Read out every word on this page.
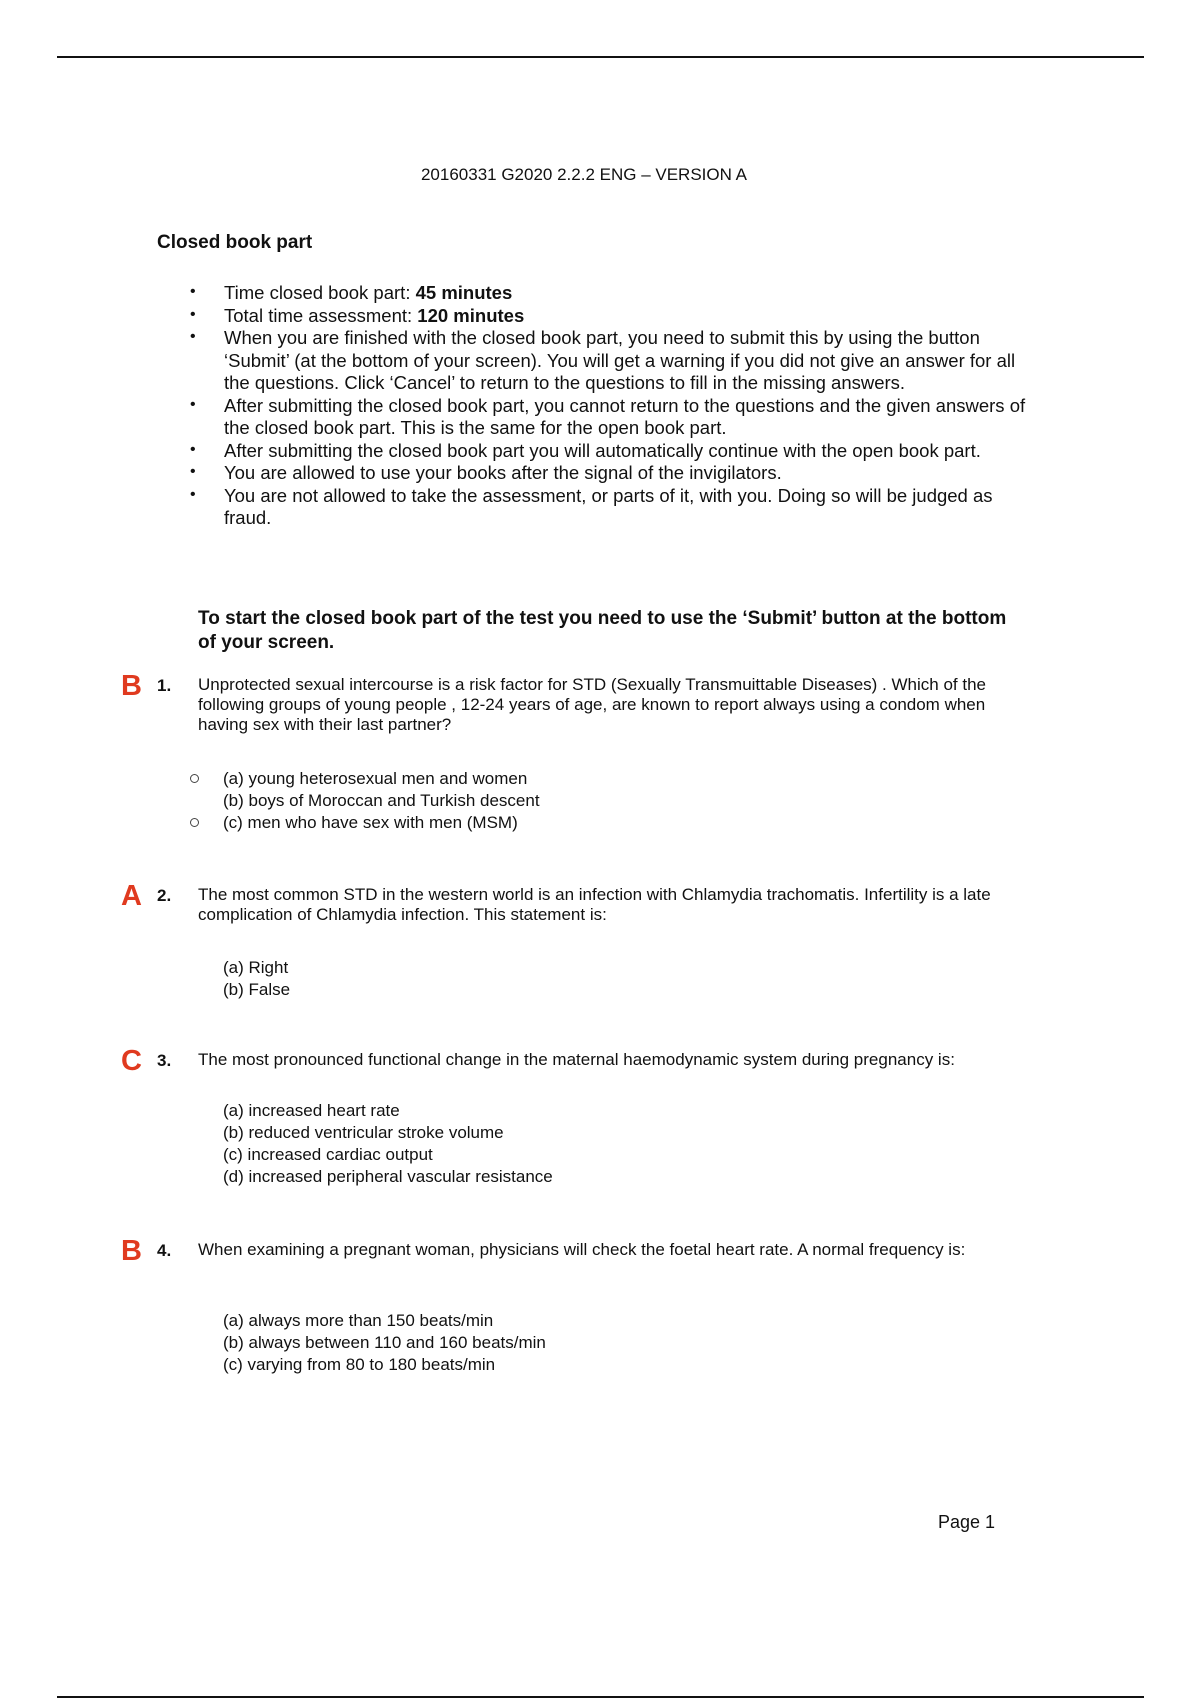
20160331 G2020 2.2.2 ENG – VERSION A
Closed book part
• Time closed book part: 45 minutes
• Total time assessment: 120 minutes
• When you are finished with the closed book part, you need to submit this by using the button ‘Submit’ (at the bottom of your screen). You will get a warning if you did not give an answer for all the questions. Click ‘Cancel’ to return to the questions to fill in the missing answers.
• After submitting the closed book part, you cannot return to the questions and the given answers of the closed book part. This is the same for the open book part.
• After submitting the closed book part you will automatically continue with the open book part.
• You are allowed to use your books after the signal of the invigilators.
• You are not allowed to take the assessment, or parts of it, with you. Doing so will be judged as fraud.
To start the closed book part of the test you need to use the ‘Submit’ button at the bottom of your screen.
B 1. Unprotected sexual intercourse is a risk factor for STD (Sexually Transmuittable Diseases) . Which of the following groups of young people , 12-24 years of age, are known to report always using a condom when having sex with their last partner?
(a) young heterosexual men and women
(b) boys of Moroccan and Turkish descent
(c) men who have sex with men (MSM)
A 2. The most common STD in the western world is an infection with Chlamydia trachomatis. Infertility is a late complication of Chlamydia infection. This statement is:
(a) Right
(b) False
C 3. The most pronounced functional change in the maternal haemodynamic system during pregnancy is:
(a) increased heart rate
(b) reduced ventricular stroke volume
(c) increased cardiac output
(d) increased peripheral vascular resistance
B 4. When examining a pregnant woman, physicians will check the foetal heart rate. A normal frequency is:
(a) always more than 150 beats/min
(b) always between 110 and 160 beats/min
(c) varying from 80 to 180 beats/min
Page 1
